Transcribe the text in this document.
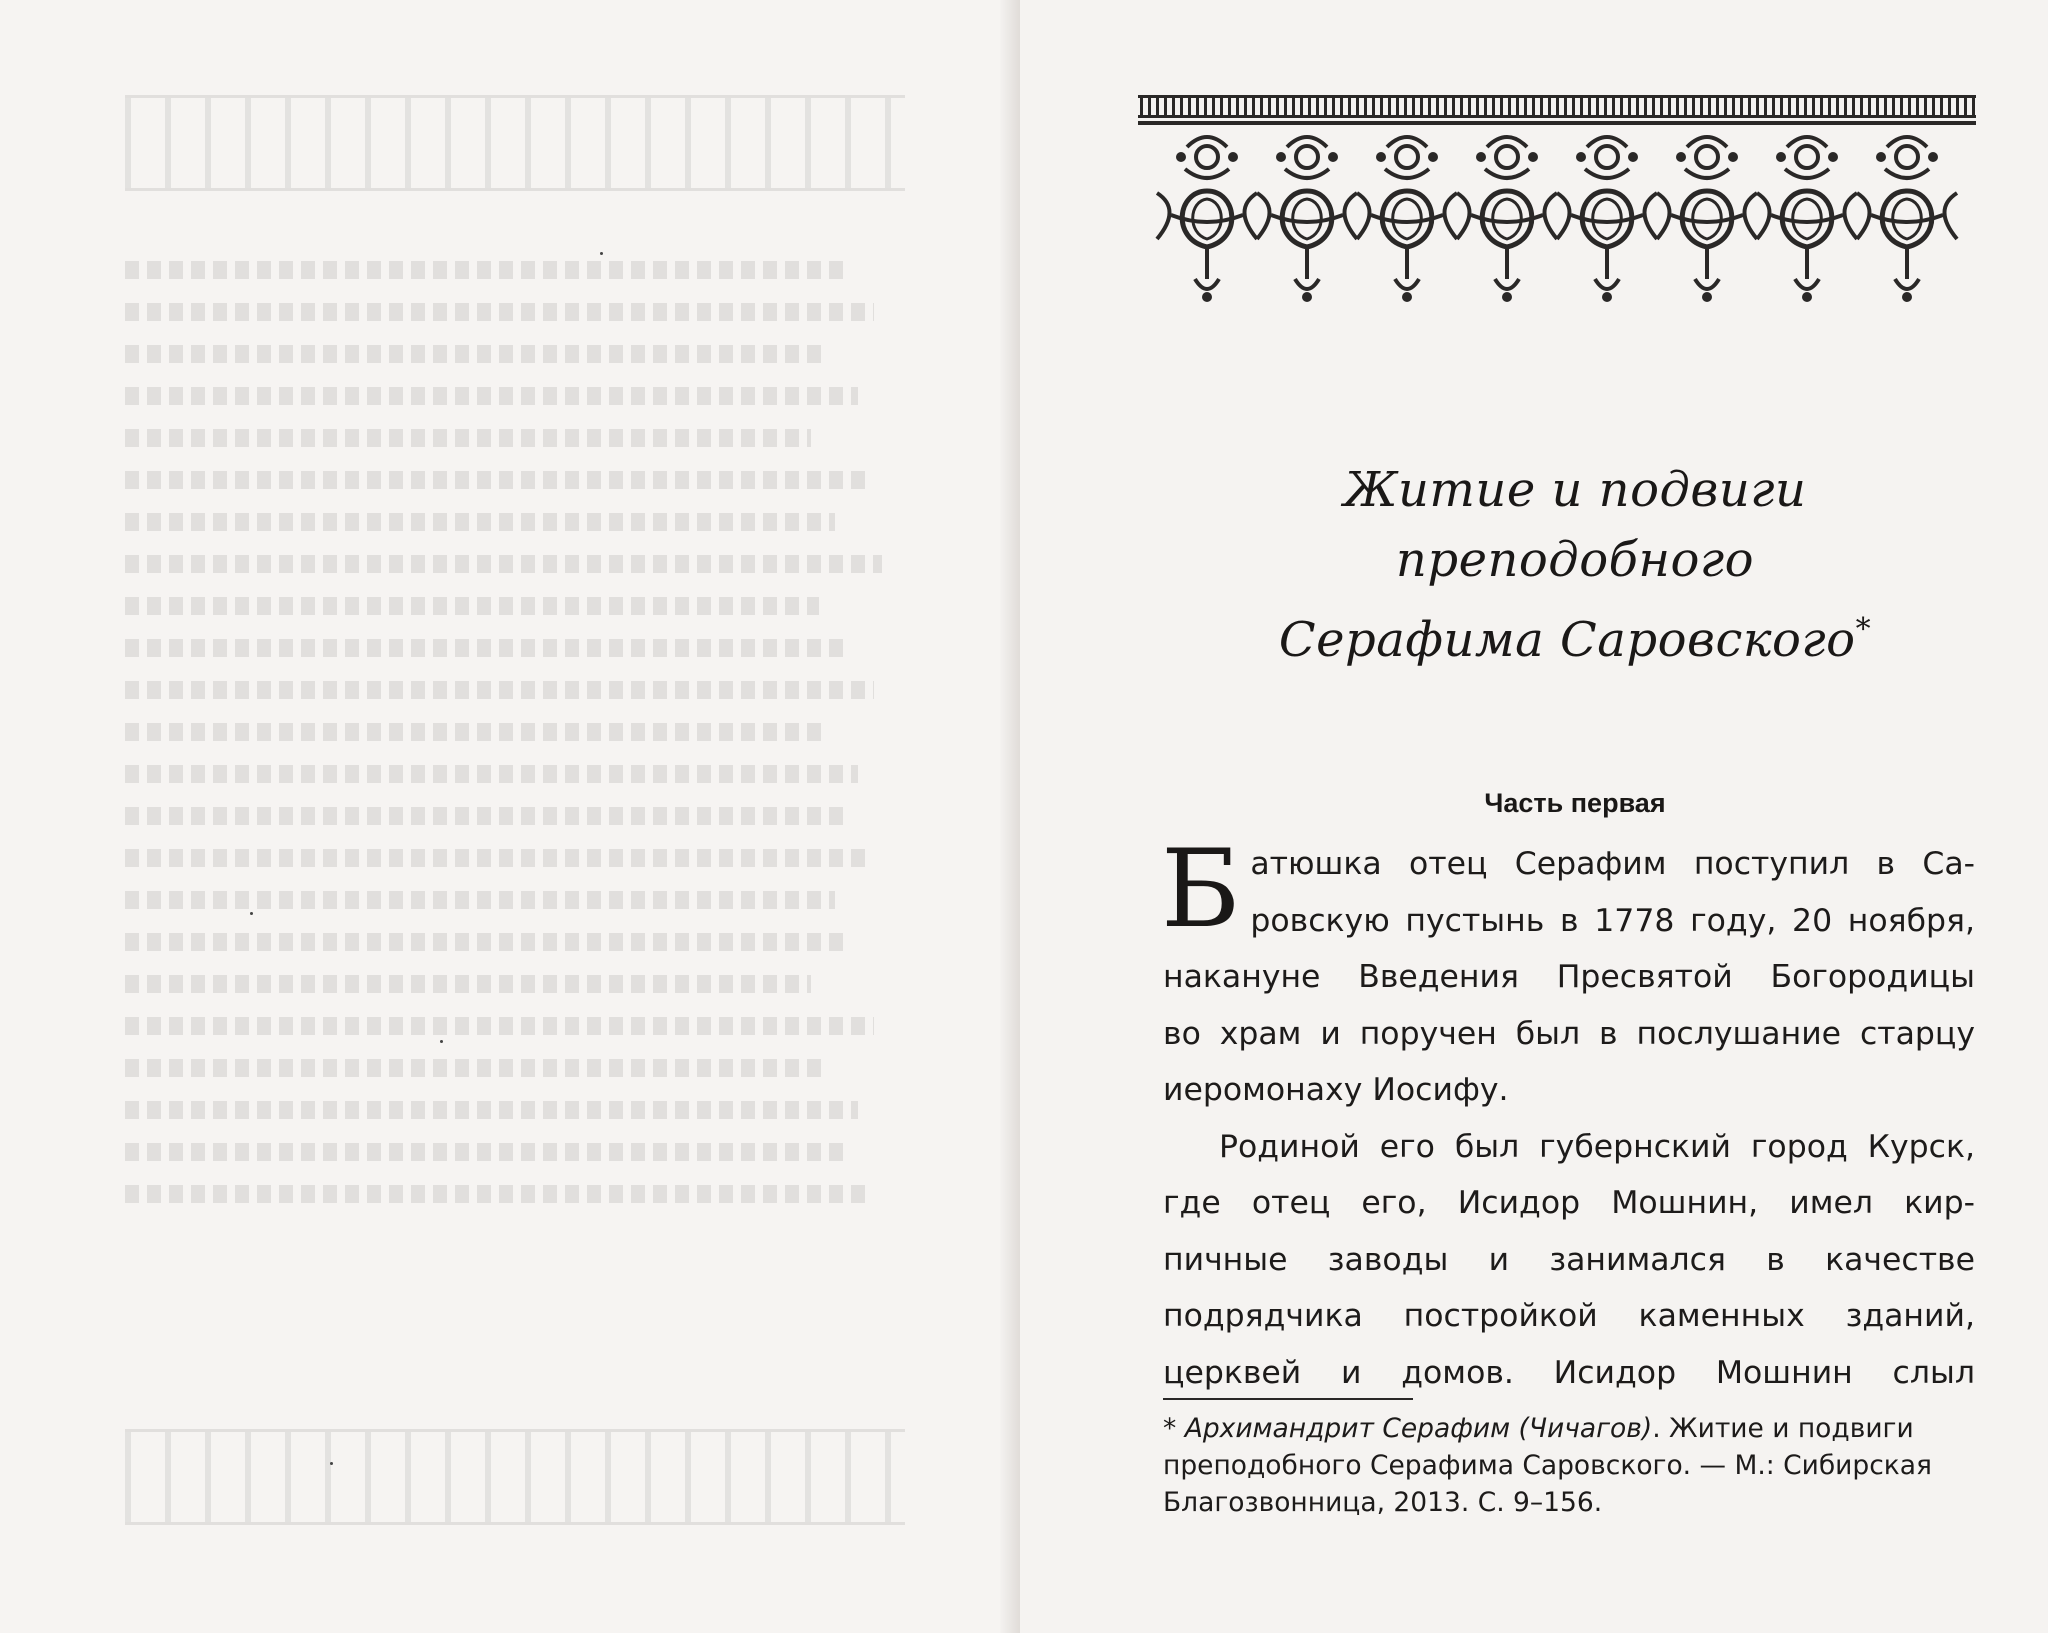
Житие и подвиги
преподобного
Серафима Саровского*
Часть первая

Б атюшка отец Серафим поступил в Са-
ровскую пустынь в 1778 году, 20 ноября,
накануне Введения Пресвятой Богородицы
во храм и поручен был в послушание старцу
иеромонаху Иосифу.

Родиной его был губернский город Курск,
где отец его, Исидор Мошнин, имел кир-
пичные заводы и занимался в качестве
подрядчика постройкой каменных зданий,
церквей и домов. Исидор Мошнин слыл

* Архимандрит Серафим (Чичагов). Житие и подвиги
преподобного Серафима Саровского. — М.: Сибирская
Благозвонница, 2013. С. 9–156.
